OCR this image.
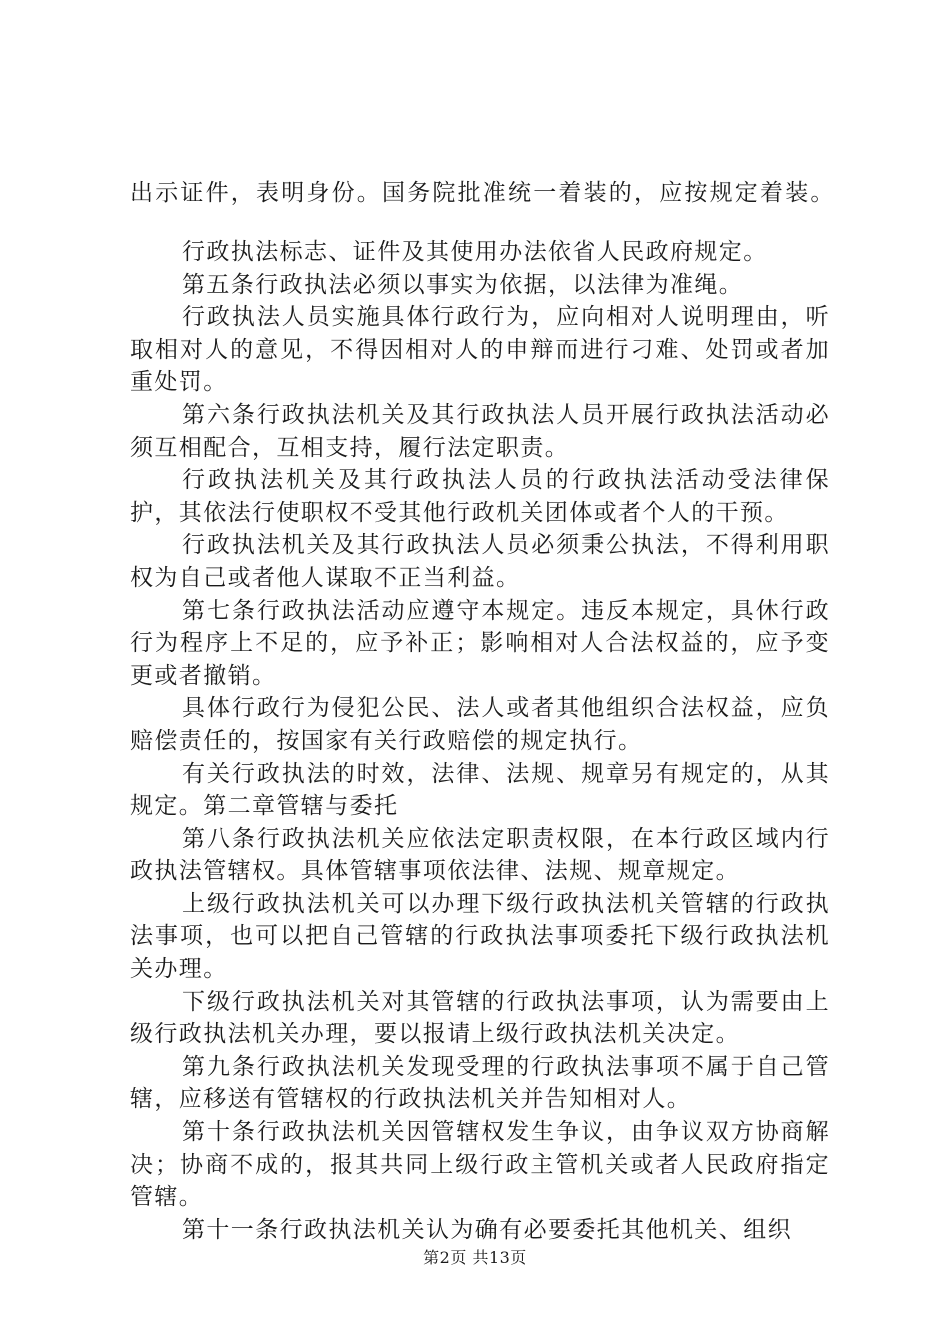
出示证件，表明身份。国务院批准统一着装的，应按规定着装。

行政执法标志、证件及其使用办法依省人民政府规定。

第五条行政执法必须以事实为依据，以法律为准绳。

行政执法人员实施具体行政行为，应向相对人说明理由，听取相对人的意见，不得因相对人的申辩而进行刁难、处罚或者加重处罚。

第六条行政执法机关及其行政执法人员开展行政执法活动必须互相配合，互相支持，履行法定职责。

行政执法机关及其行政执法人员的行政执法活动受法律保护，其依法行使职权不受其他行政机关团体或者个人的干预。

行政执法机关及其行政执法人员必须秉公执法，不得利用职权为自己或者他人谋取不正当利益。

第七条行政执法活动应遵守本规定。违反本规定，具休行政行为程序上不足的，应予补正；影响相对人合法权益的，应予变更或者撤销。

具体行政行为侵犯公民、法人或者其他组织合法权益，应负赔偿责任的，按国家有关行政赔偿的规定执行。

有关行政执法的时效，法律、法规、规章另有规定的，从其规定。第二章管辖与委托

第八条行政执法机关应依法定职责权限，在本行政区域内行政执法管辖权。具体管辖事项依法律、法规、规章规定。

上级行政执法机关可以办理下级行政执法机关管辖的行政执法事项，也可以把自己管辖的行政执法事项委托下级行政执法机关办理。

下级行政执法机关对其管辖的行政执法事项，认为需要由上级行政执法机关办理，要以报请上级行政执法机关决定。

第九条行政执法机关发现受理的行政执法事项不属于自己管辖，应移送有管辖权的行政执法机关并告知相对人。

第十条行政执法机关因管辖权发生争议，由争议双方协商解决；协商不成的，报其共同上级行政主管机关或者人民政府指定管辖。

第十一条行政执法机关认为确有必要委托其他机关、组织

第2页 共13页
